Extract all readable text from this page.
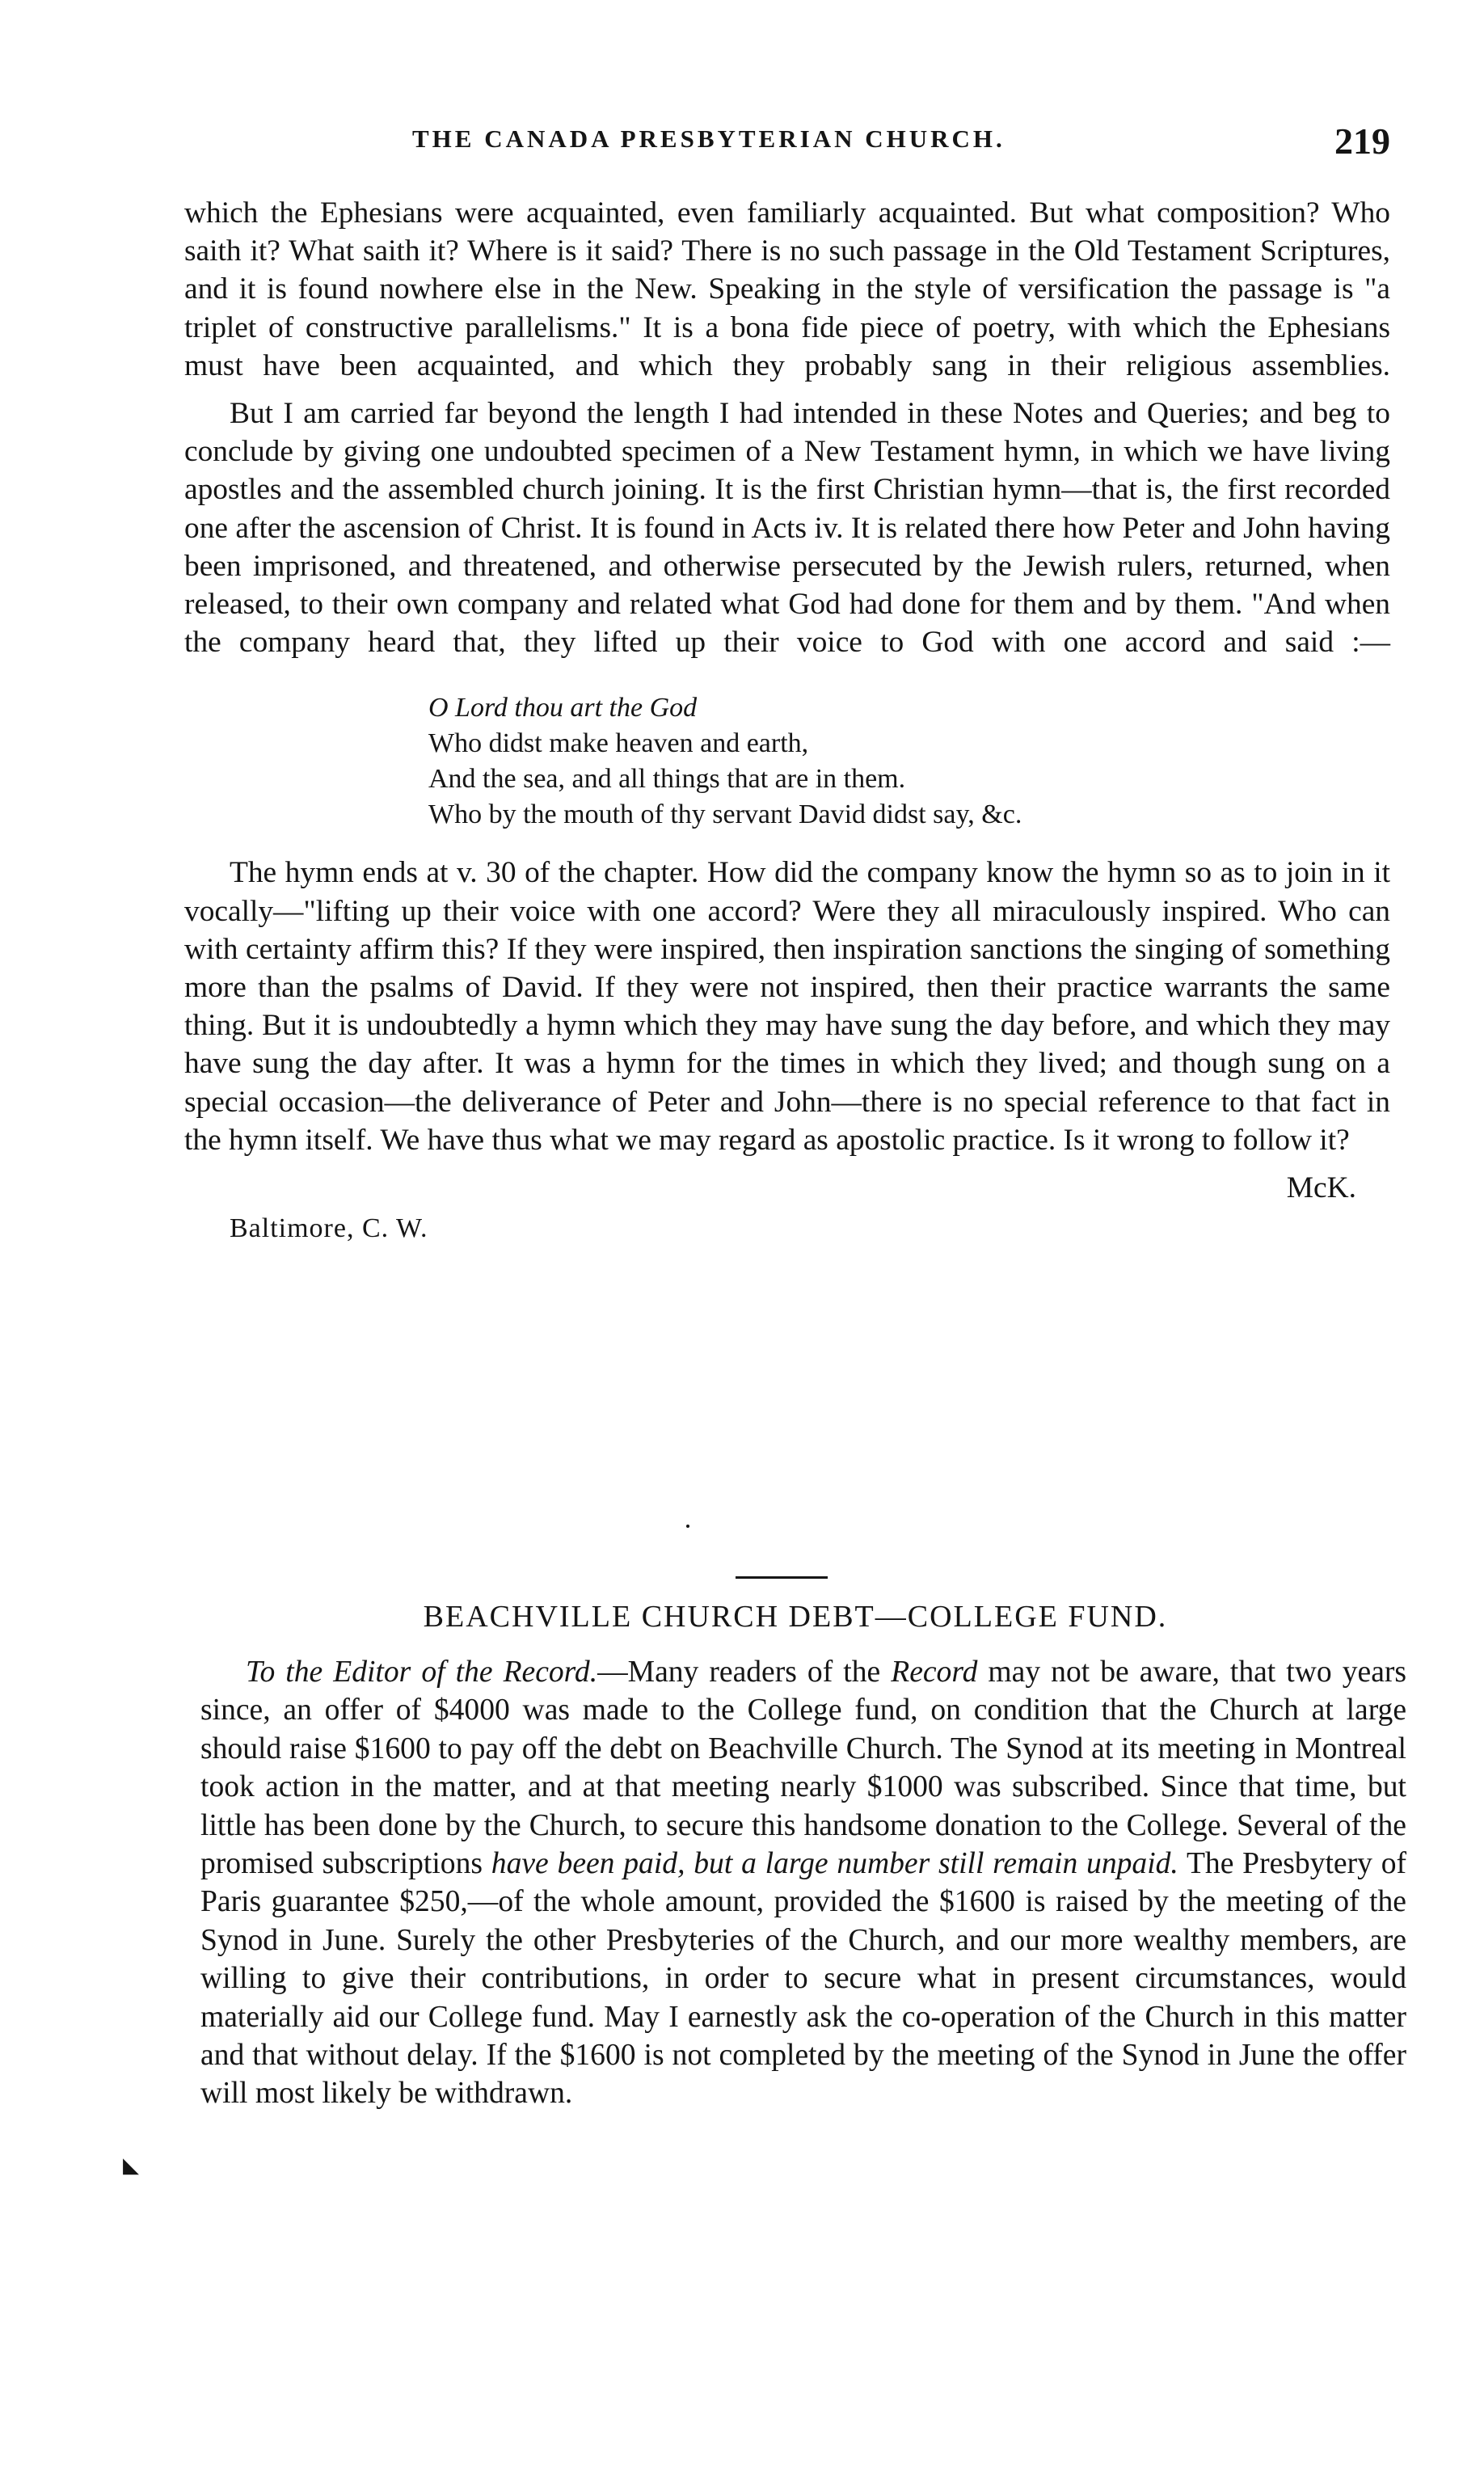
THE CANADA PRESBYTERIAN CHURCH.	219

which the Ephesians were acquainted, even familiarly acquainted. But what composition? Who saith it? What saith it? Where is it said? There is no such passage in the Old Testament Scriptures, and it is found nowhere else in the New. Speaking in the style of versification the passage is "a triplet of constructive parallelisms." It is a bona fide piece of poetry, with which the Ephesians must have been acquainted, and which they probably sang in their religious assemblies.

But I am carried far beyond the length I had intended in these Notes and Queries; and beg to conclude by giving one undoubted specimen of a New Testament hymn, in which we have living apostles and the assembled church joining. It is the first Christian hymn—that is, the first recorded one after the ascension of Christ. It is found in Acts iv. It is related there how Peter and John having been imprisoned, and threatened, and otherwise persecuted by the Jewish rulers, returned, when released, to their own company and related what God had done for them and by them. "And when the company heard that, they lifted up their voice to God with one accord and said :—

O Lord thou art the God
Who didst make heaven and earth,
And the sea, and all things that are in them.
Who by the mouth of thy servant David didst say, &c.

The hymn ends at v. 30 of the chapter. How did the company know the hymn so as to join in it vocally—"lifting up their voice with one accord? Were they all miraculously inspired. Who can with certainty affirm this? If they were inspired, then inspiration sanctions the singing of something more than the psalms of David. If they were not inspired, then their practice warrants the same thing. But it is undoubtedly a hymn which they may have sung the day before, and which they may have sung the day after. It was a hymn for the times in which they lived; and though sung on a special occasion—the deliverance of Peter and John—there is no special reference to that fact in the hymn itself. We have thus what we may regard as apostolic practice. Is it wrong to follow it?

McK.
Baltimore, C. W.
BEACHVILLE CHURCH DEBT—COLLEGE FUND.

To the Editor of the Record.—Many readers of the Record may not be aware, that two years since, an offer of $4000 was made to the College fund, on condition that the Church at large should raise $1600 to pay off the debt on Beachville Church. The Synod at its meeting in Montreal took action in the matter, and at that meeting nearly $1000 was subscribed. Since that time, but little has been done by the Church, to secure this handsome donation to the College. Several of the promised subscriptions have been paid, but a large number still remain unpaid. The Presbytery of Paris guarantee $250,—of the whole amount, provided the $1600 is raised by the meeting of the Synod in June. Surely the other Presbyteries of the Church, and our more wealthy members, are willing to give their contributions, in order to secure what in present circumstances, would materially aid our College fund. May I earnestly ask the co-operation of the Church in this matter and that without delay. If the $1600 is not completed by the meeting of the Synod in June the offer will most likely be withdrawn.

◣
